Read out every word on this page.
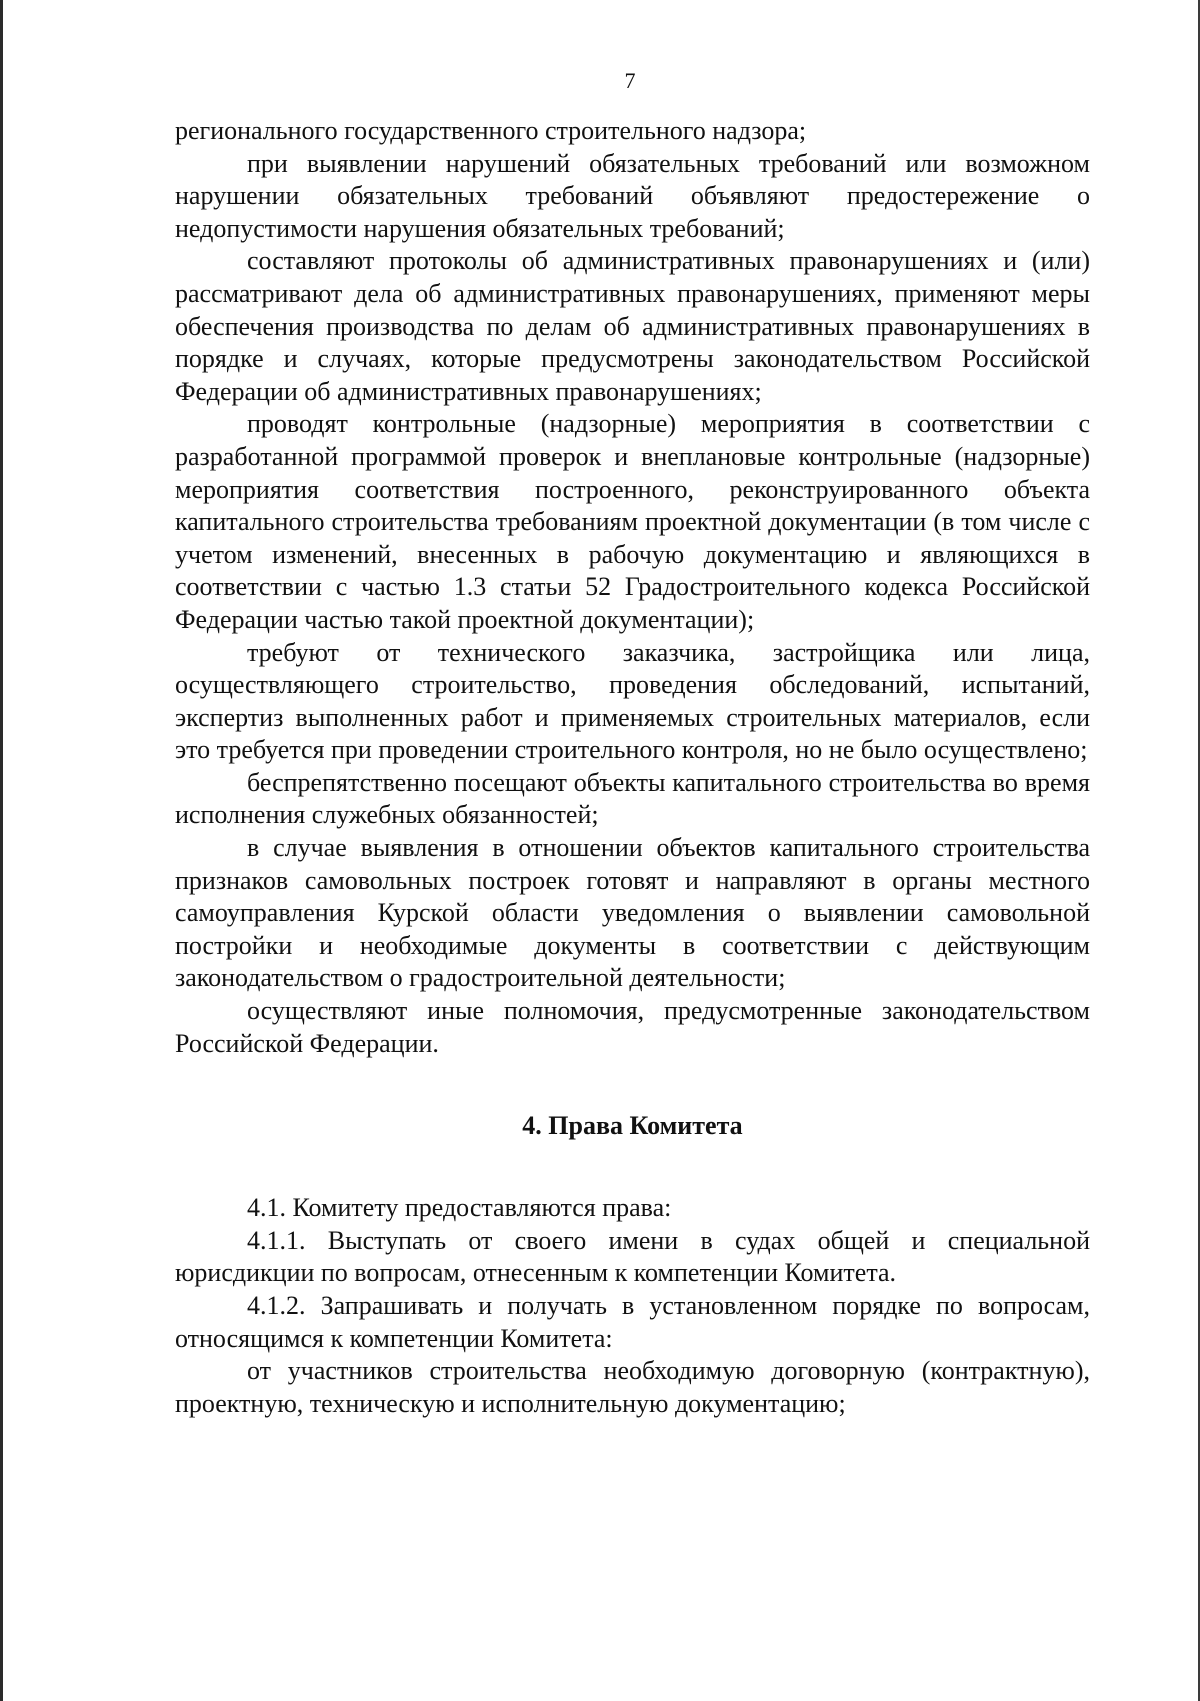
7

регионального государственного строительного надзора;

при выявлении нарушений обязательных требований или возможном нарушении обязательных требований объявляют предостережение о недопустимости нарушения обязательных требований;

составляют протоколы об административных правонарушениях и (или) рассматривают дела об административных правонарушениях, применяют меры обеспечения производства по делам об административных правонарушениях в порядке и случаях, которые предусмотрены законодательством Российской Федерации об административных правонарушениях;

проводят контрольные (надзорные) мероприятия в соответствии с разработанной программой проверок и внеплановые контрольные (надзорные) мероприятия соответствия построенного, реконструированного объекта капитального строительства требованиям проектной документации (в том числе с учетом изменений, внесенных в рабочую документацию и являющихся в соответствии с частью 1.3 статьи 52 Градостроительного кодекса Российской Федерации частью такой проектной документации);

требуют от технического заказчика, застройщика или лица, осуществляющего строительство, проведения обследований, испытаний, экспертиз выполненных работ и применяемых строительных материалов, если это требуется при проведении строительного контроля, но не было осуществлено;

беспрепятственно посещают объекты капитального строительства во время исполнения служебных обязанностей;

в случае выявления в отношении объектов капитального строительства признаков самовольных построек готовят и направляют в органы местного самоуправления Курской области уведомления о выявлении самовольной постройки и необходимые документы в соответствии с действующим законодательством о градостроительной деятельности;

осуществляют иные полномочия, предусмотренные законодательством Российской Федерации.

4. Права Комитета

4.1. Комитету предоставляются права:

4.1.1. Выступать от своего имени в судах общей и специальной юрисдикции по вопросам, отнесенным к компетенции Комитета.

4.1.2. Запрашивать и получать в установленном порядке по вопросам, относящимся к компетенции Комитета:

от участников строительства необходимую договорную (контрактную), проектную, техническую и исполнительную документацию;
